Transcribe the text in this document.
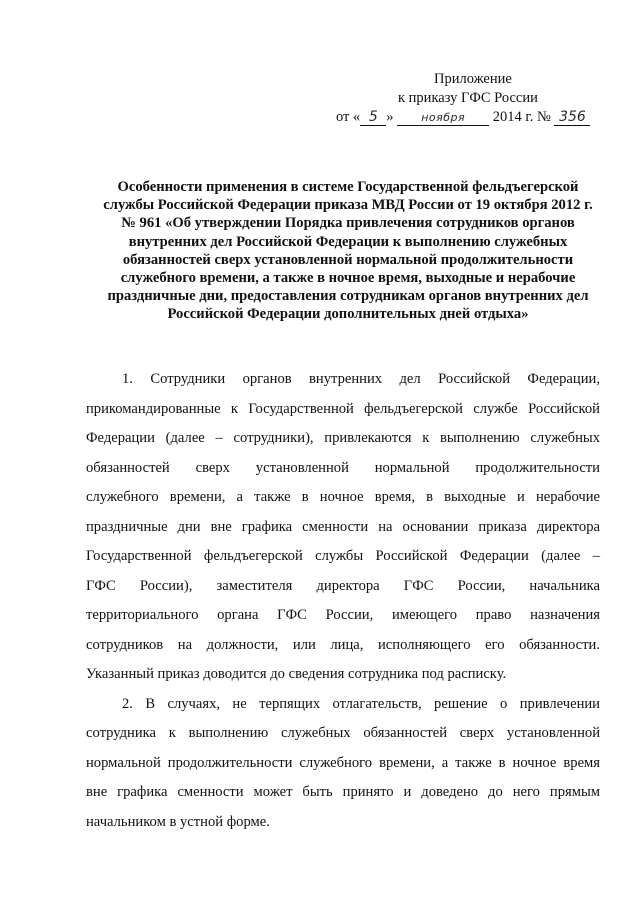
Приложение
к приказу ГФС России
от « 5 »	ноября 2014 г. № 356
Особенности применения в системе Государственной фельдъегерской
службы Российской Федерации приказа МВД России от 19 октября 2012 г.
№ 961 «Об утверждении Порядка привлечения сотрудников органов
внутренних дел Российской Федерации к выполнению служебных
обязанностей сверх установленной нормальной продолжительности
служебного времени, а также в ночное время, выходные и нерабочие
праздничные дни, предоставления сотрудникам органов внутренних дел
Российской Федерации дополнительных дней отдыха»
1. Сотрудники органов внутренних дел Российской Федерации,
прикомандированные к Государственной фельдъегерской службе Российской
Федерации (далее – сотрудники), привлекаются к выполнению служебных
обязанностей сверх установленной нормальной продолжительности
служебного времени, а также в ночное время, в выходные и нерабочие
праздничные дни вне графика сменности на основании приказа директора
Государственной фельдъегерской службы Российской Федерации (далее –
ГФС России), заместителя директора ГФС России, начальника
территориального органа ГФС России, имеющего право назначения
сотрудников на должности, или лица, исполняющего его обязанности.
Указанный приказ доводится до сведения сотрудника под расписку.
2. В случаях, не терпящих отлагательств, решение о привлечении
сотрудника к выполнению служебных обязанностей сверх установленной
нормальной продолжительности служебного времени, а также в ночное время
вне графика сменности может быть принято и доведено до него прямым
начальником в устной форме.
